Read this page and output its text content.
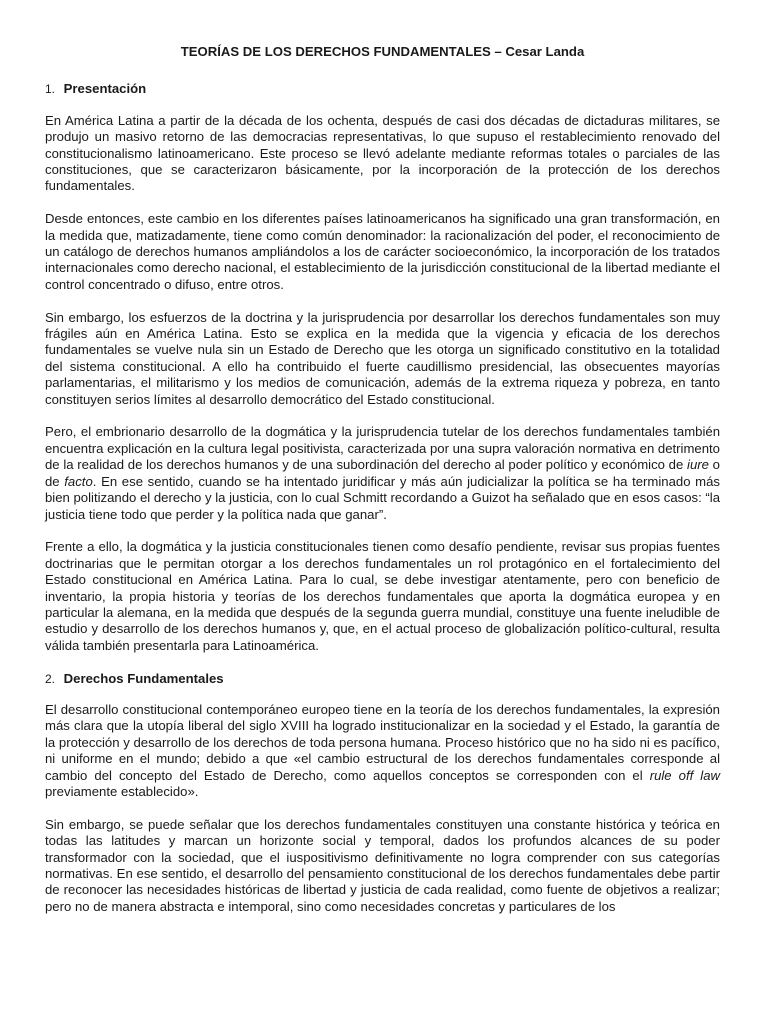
TEORÍAS DE LOS DERECHOS FUNDAMENTALES – Cesar Landa
1. Presentación

En América Latina a partir de la década de los ochenta, después de casi dos décadas de dictaduras militares, se produjo un masivo retorno de las democracias representativas, lo que supuso el restablecimiento renovado del constitucionalismo latinoamericano. Este proceso se llevó adelante mediante reformas totales o parciales de las constituciones, que se caracterizaron básicamente, por la incorporación de la protección de los derechos fundamentales.

Desde entonces, este cambio en los diferentes países latinoamericanos ha significado una gran transformación, en la medida que, matizadamente, tiene como común denominador: la racionalización del poder, el reconocimiento de un catálogo de derechos humanos ampliándolos a los de carácter socioeconómico, la incorporación de los tratados internacionales como derecho nacional, el establecimiento de la jurisdicción constitucional de la libertad mediante el control concentrado o difuso, entre otros.

Sin embargo, los esfuerzos de la doctrina y la jurisprudencia por desarrollar los derechos fundamentales son muy frágiles aún en América Latina. Esto se explica en la medida que la vigencia y eficacia de los derechos fundamentales se vuelve nula sin un Estado de Derecho que les otorga un significado constitutivo en la totalidad del sistema constitucional. A ello ha contribuido el fuerte caudillismo presidencial, las obsecuentes mayorías parlamentarias, el militarismo y los medios de comunicación, además de la extrema riqueza y pobreza, en tanto constituyen serios límites al desarrollo democrático del Estado constitucional.

Pero, el embrionario desarrollo de la dogmática y la jurisprudencia tutelar de los derechos fundamentales también encuentra explicación en la cultura legal positivista, caracterizada por una supra valoración normativa en detrimento de la realidad de los derechos humanos y de una subordinación del derecho al poder político y económico de iure o de facto. En ese sentido, cuando se ha intentado juridificar y más aún judicializar la política se ha terminado más bien politizando el derecho y la justicia, con lo cual Schmitt recordando a Guizot ha señalado que en esos casos: “la justicia tiene todo que perder y la política nada que ganar”.

Frente a ello, la dogmática y la justicia constitucionales tienen como desafío pendiente, revisar sus propias fuentes doctrinarias que le permitan otorgar a los derechos fundamentales un rol protagónico en el fortalecimiento del Estado constitucional en América Latina. Para lo cual, se debe investigar atentamente, pero con beneficio de inventario, la propia historia y teorías de los derechos fundamentales que aporta la dogmática europea y en particular la alemana, en la medida que después de la segunda guerra mundial, constituye una fuente ineludible de estudio y desarrollo de los derechos humanos y, que, en el actual proceso de globalización político-cultural, resulta válida también presentarla para Latinoamérica.

2. Derechos Fundamentales

El desarrollo constitucional contemporáneo europeo tiene en la teoría de los derechos fundamentales, la expresión más clara que la utopía liberal del siglo XVIII ha logrado institucionalizar en la sociedad y el Estado, la garantía de la protección y desarrollo de los derechos de toda persona humana. Proceso histórico que no ha sido ni es pacífico, ni uniforme en el mundo; debido a que «el cambio estructural de los derechos fundamentales corresponde al cambio del concepto del Estado de Derecho, como aquellos conceptos se corresponden con el rule off law previamente establecido».

Sin embargo, se puede señalar que los derechos fundamentales constituyen una constante histórica y teórica en todas las latitudes y marcan un horizonte social y temporal, dados los profundos alcances de su poder transformador con la sociedad, que el iuspositivismo definitivamente no logra comprender con sus categorías normativas. En ese sentido, el desarrollo del pensamiento constitucional de los derechos fundamentales debe partir de reconocer las necesidades históricas de libertad y justicia de cada realidad, como fuente de objetivos a realizar; pero no de manera abstracta e intemporal, sino como necesidades concretas y particulares de los
